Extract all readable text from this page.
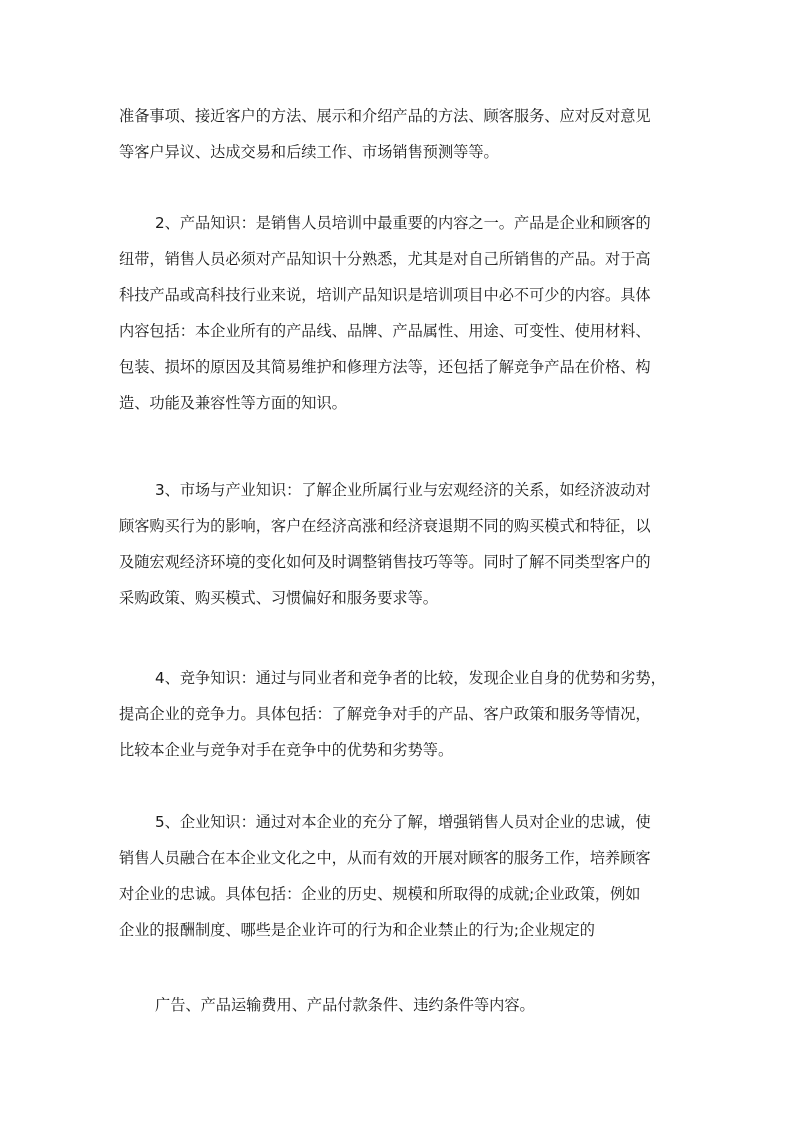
准备事项、接近客户的方法、展示和介绍产品的方法、顾客服务、应对反对意见
等客户异议、达成交易和后续工作、市场销售预测等等。
2、产品知识：是销售人员培训中最重要的内容之一。产品是企业和顾客的
纽带，销售人员必须对产品知识十分熟悉，尤其是对自己所销售的产品。对于高
科技产品或高科技行业来说，培训产品知识是培训项目中必不可少的内容。具体
内容包括：本企业所有的产品线、品牌、产品属性、用途、可变性、使用材料、
包装、损坏的原因及其简易维护和修理方法等，还包括了解竞争产品在价格、构
造、功能及兼容性等方面的知识。
3、市场与产业知识：了解企业所属行业与宏观经济的关系，如经济波动对
顾客购买行为的影响，客户在经济高涨和经济衰退期不同的购买模式和特征，以
及随宏观经济环境的变化如何及时调整销售技巧等等。同时了解不同类型客户的
采购政策、购买模式、习惯偏好和服务要求等。
4、竞争知识：通过与同业者和竞争者的比较，发现企业自身的优势和劣势，
提高企业的竞争力。具体包括：了解竞争对手的产品、客户政策和服务等情况，
比较本企业与竞争对手在竞争中的优势和劣势等。
5、企业知识：通过对本企业的充分了解，增强销售人员对企业的忠诚，使
销售人员融合在本企业文化之中，从而有效的开展对顾客的服务工作，培养顾客
对企业的忠诚。具体包括：企业的历史、规模和所取得的成就;企业政策，例如
企业的报酬制度、哪些是企业许可的行为和企业禁止的行为;企业规定的
广告、产品运输费用、产品付款条件、违约条件等内容。
